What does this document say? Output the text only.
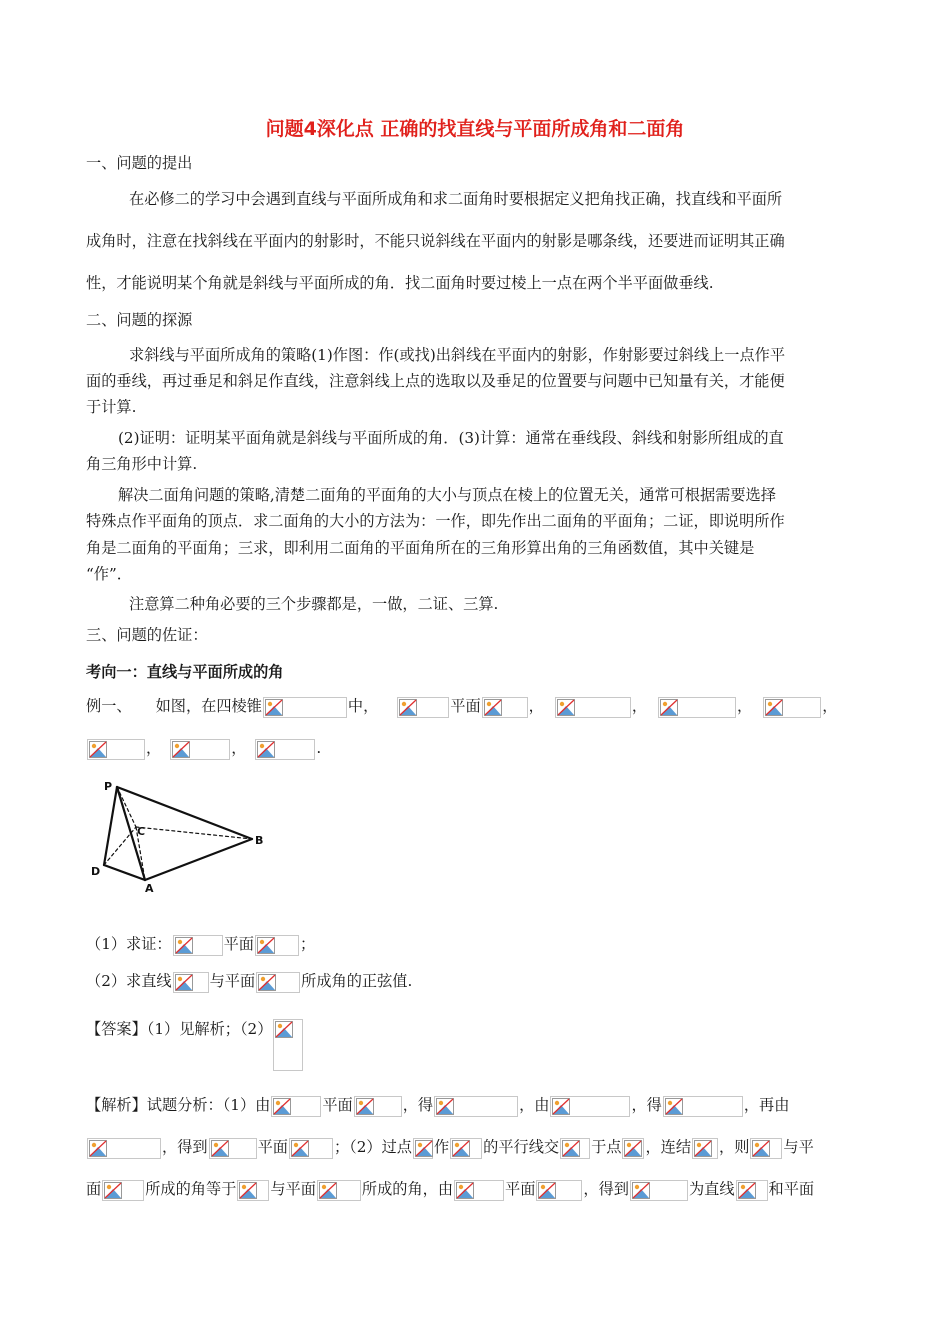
问题4深化点 正确的找直线与平面所成角和二面角
一、问题的提出
在必修二的学习中会遇到直线与平面所成角和求二面角时要根据定义把角找正确，找直线和平面所
成角时，注意在找斜线在平面内的射影时，不能只说斜线在平面内的射影是哪条线，还要进而证明其正确
性，才能说明某个角就是斜线与平面所成的角．找二面角时要过棱上一点在两个半平面做垂线.
二、问题的探源
求斜线与平面所成角的策略(1)作图：作(或找)出斜线在平面内的射影，作射影要过斜线上一点作平
面的垂线，再过垂足和斜足作直线，注意斜线上点的选取以及垂足的位置要与问题中已知量有关，才能便
于计算.
(2)证明：证明某平面角就是斜线与平面所成的角．(3)计算：通常在垂线段、斜线和射影所组成的直
角三角形中计算.
解决二面角问题的策略,清楚二面角的平面角的大小与顶点在棱上的位置无关，通常可根据需要选择
特殊点作平面角的顶点．求二面角的大小的方法为：一作，即先作出二面角的平面角；二证，即说明所作
角是二面角的平面角；三求，即利用二面角的平面角所在的三角形算出角的三角函数值，其中关键是
“作”．
注意算二种角必要的三个步骤都是，一做，二证、三算.
三、问题的佐证：
考向一：直线与平面所成的角
例一、 如图，在四棱锥	中，	平面	，	，	，	，
，	，	.
P
C
B
D
A
（1）求证：	平面	；
（2）求直线	与平面	所成角的正弦值.
【答案】（1）见解析；（2）
【解析】试题分析：（1）由	平面	，得	，由	，得	，再由
，得到	平面	；（2）过点 作 的平行线交 于点 ，连结 ，则 与平
面	所成的角等于 与平面	所成的角，由	平面	，得到	为直线 和平面
